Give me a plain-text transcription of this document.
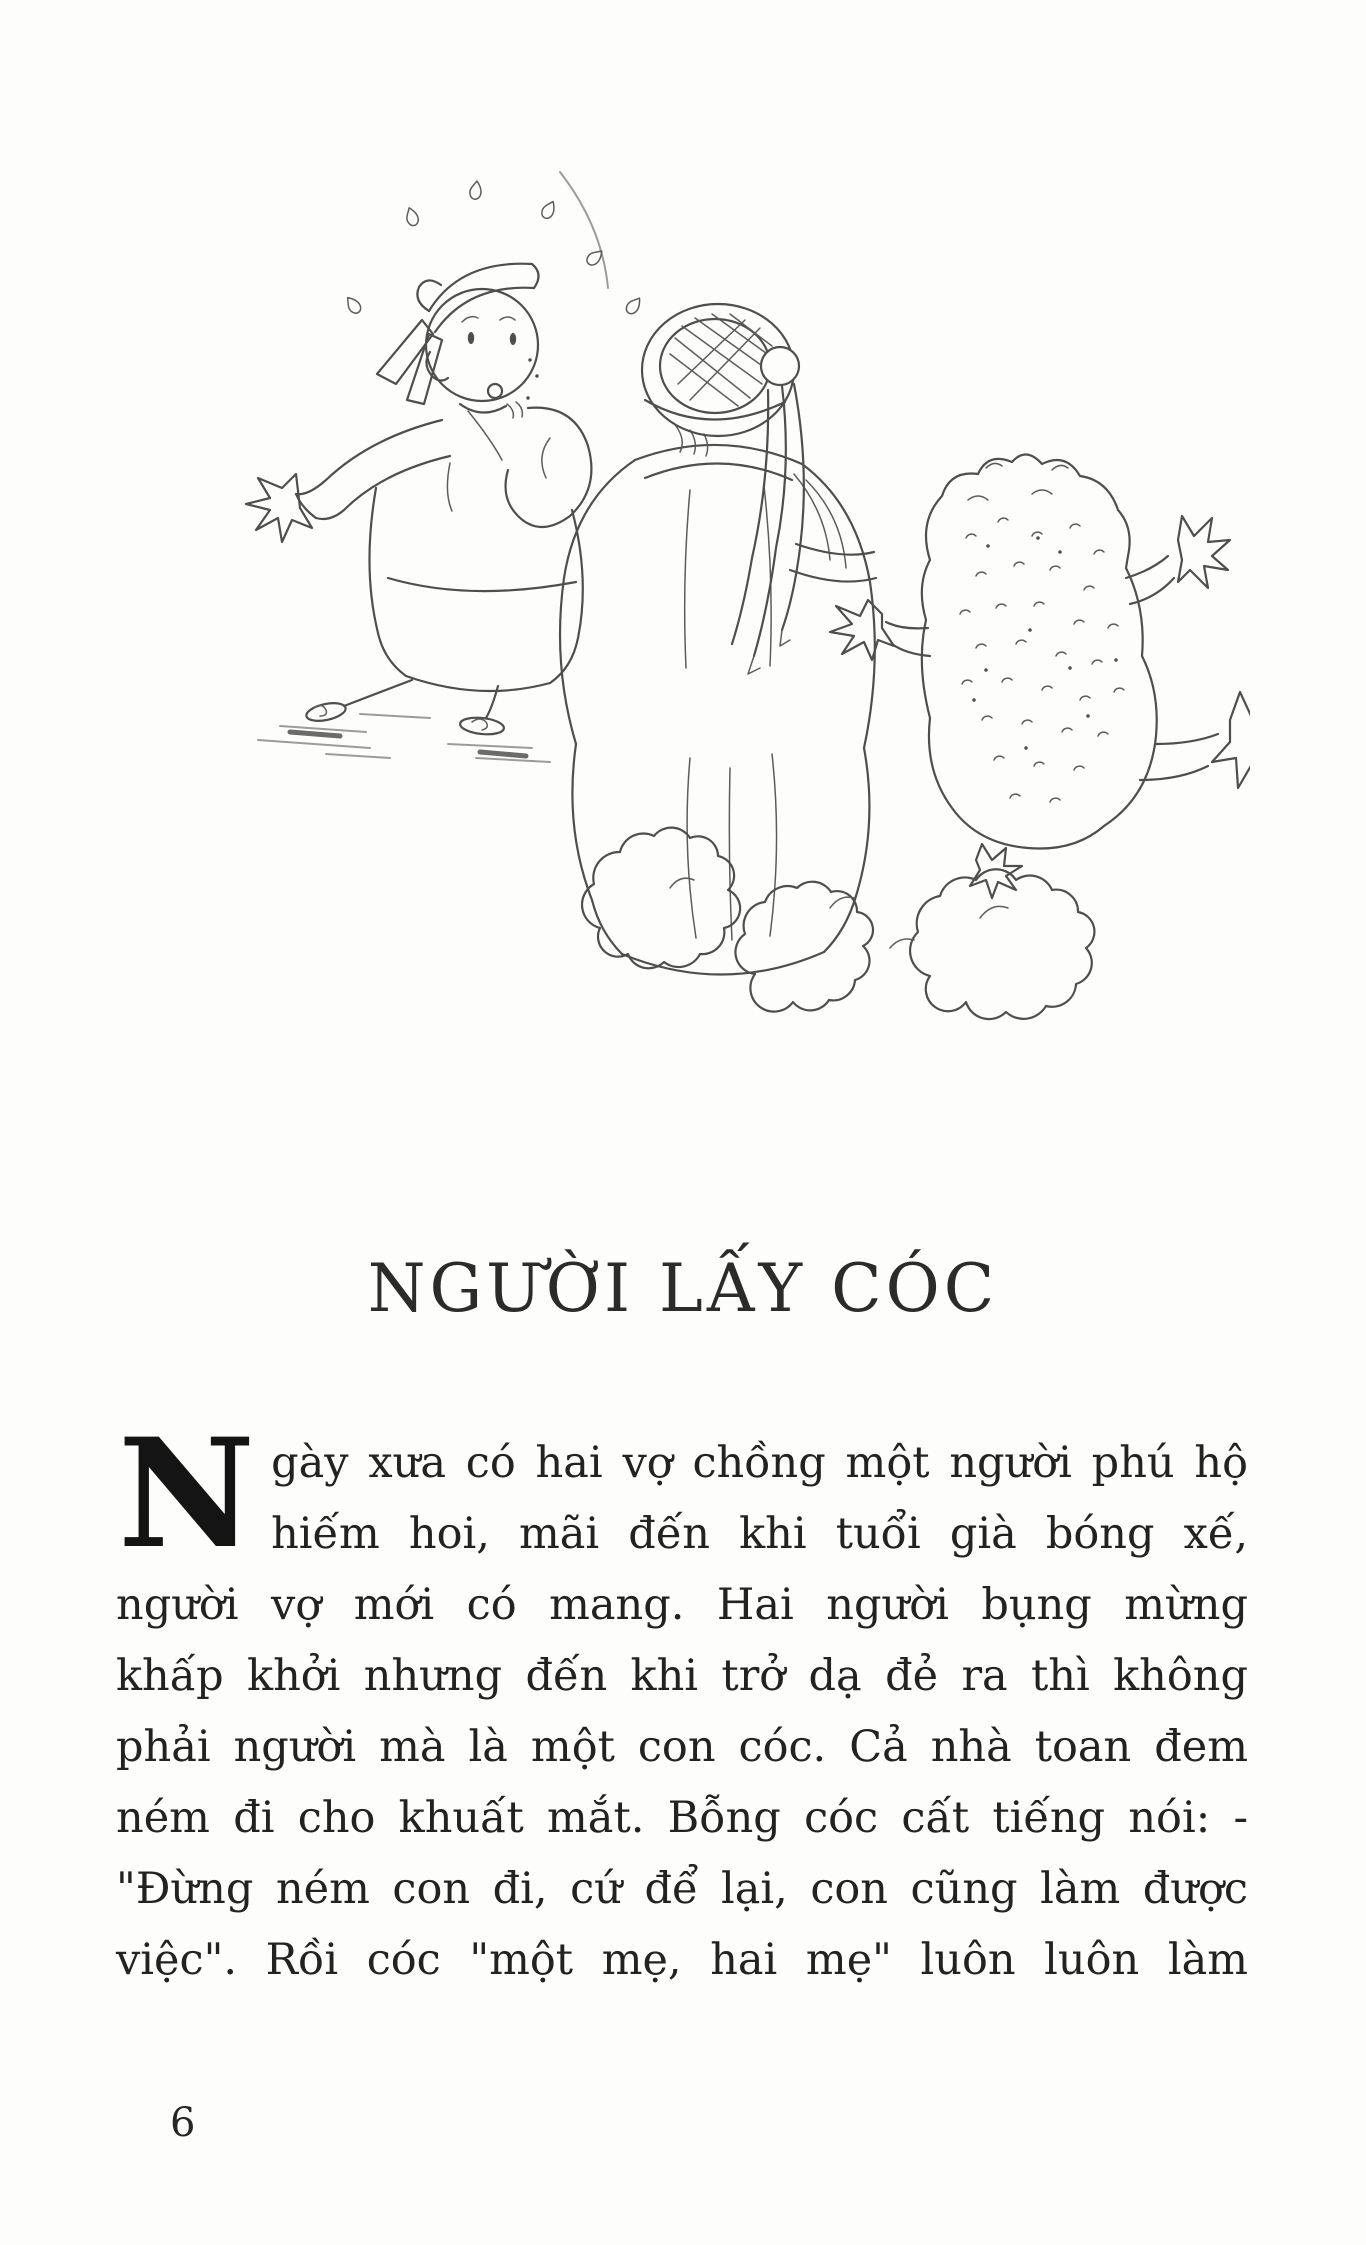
NGƯỜI LẤY CÓC
N gày xưa có hai vợ chồng một người phú hộ
hiếm hoi, mãi đến khi tuổi già bóng xế,
người vợ mới có mang. Hai người bụng mừng
khấp khởi nhưng đến khi trở dạ đẻ ra thì không
phải người mà là một con cóc. Cả nhà toan đem
ném đi cho khuất mắt. Bỗng cóc cất tiếng nói: -
"Đừng ném con đi, cứ để lại, con cũng làm được
việc". Rồi cóc "một mẹ, hai mẹ" luôn luôn làm
6
